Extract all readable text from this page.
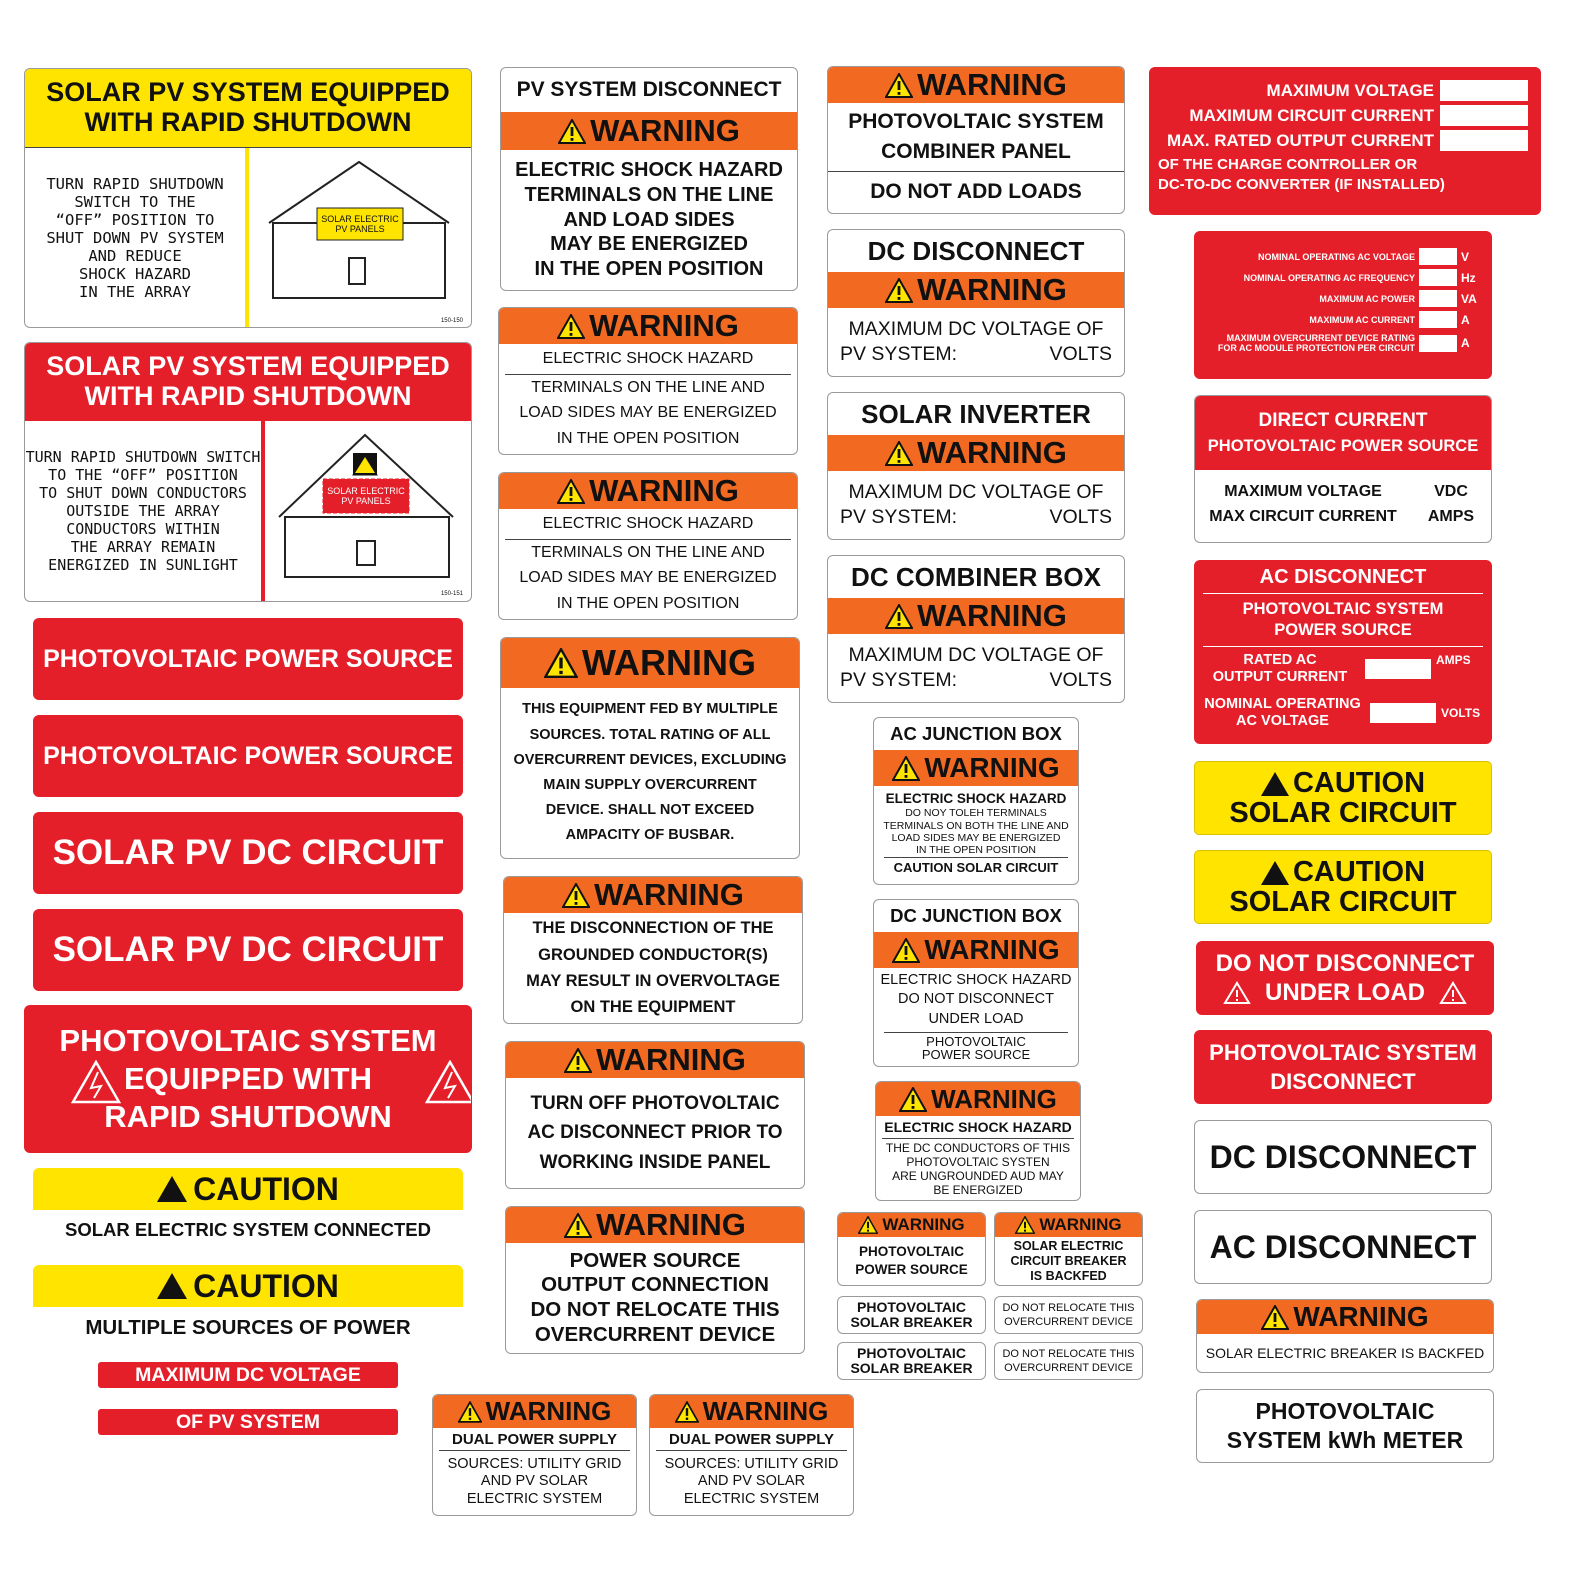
SOLAR PV SYSTEM EQUIPPED
WITH RAPID SHUTDOWN
TURN RAPID SHUTDOWN
SWITCH TO THE
“OFF” POSITION TO
SHUT DOWN PV SYSTEM
AND REDUCE
SHOCK HAZARD
IN THE ARRAY
SOLAR ELECTRIC
PV PANELS
150-150
SOLAR PV SYSTEM EQUIPPED
WITH RAPID SHUTDOWN
TURN RAPID SHUTDOWN SWITCH
TO THE “OFF” POSITION
TO SHUT DOWN CONDUCTORS
OUTSIDE THE ARRAY
CONDUCTORS WITHIN
THE ARRAY REMAIN
ENERGIZED IN SUNLIGHT
SOLAR ELECTRIC
PV PANELS
150-151
PHOTOVOLTAIC POWER SOURCE
PHOTOVOLTAIC POWER SOURCE
SOLAR PV DC CIRCUIT
SOLAR PV DC CIRCUIT
PHOTOVOLTAIC SYSTEM
EQUIPPED WITH
RAPID SHUTDOWN
CAUTION
SOLAR ELECTRIC SYSTEM CONNECTED
CAUTION
MULTIPLE SOURCES OF POWER
MAXIMUM DC VOLTAGE
OF PV SYSTEM
PV SYSTEM DISCONNECT
WARNING
ELECTRIC SHOCK HAZARD
TERMINALS ON THE LINE
AND LOAD SIDES
MAY BE ENERGIZED
IN THE OPEN POSITION
WARNING
ELECTRIC SHOCK HAZARD
TERMINALS ON THE LINE AND
LOAD SIDES MAY BE ENERGIZED
IN THE OPEN POSITION
WARNING
ELECTRIC SHOCK HAZARD
TERMINALS ON THE LINE AND
LOAD SIDES MAY BE ENERGIZED
IN THE OPEN POSITION
WARNING
THIS EQUIPMENT FED BY MULTIPLE
SOURCES. TOTAL RATING OF ALL
OVERCURRENT DEVICES, EXCLUDING
MAIN SUPPLY OVERCURRENT
DEVICE. SHALL NOT EXCEED
AMPACITY OF BUSBAR.
WARNING
THE DISCONNECTION OF THE
GROUNDED CONDUCTOR(S)
MAY RESULT IN OVERVOLTAGE
ON THE EQUIPMENT
WARNING
TURN OFF PHOTOVOLTAIC
AC DISCONNECT PRIOR TO
WORKING INSIDE PANEL
WARNING
POWER SOURCE
OUTPUT CONNECTION
DO NOT RELOCATE THIS
OVERCURRENT DEVICE
WARNING
DUAL POWER SUPPLY
SOURCES: UTILITY GRID
AND PV SOLAR
ELECTRIC SYSTEM
WARNING
DUAL POWER SUPPLY
SOURCES: UTILITY GRID
AND PV SOLAR
ELECTRIC SYSTEM
WARNING
PHOTOVOLTAIC SYSTEM
COMBINER PANEL
DO NOT ADD LOADS
DC DISCONNECT
WARNING
MAXIMUM DC VOLTAGE OF
PV SYSTEM:	VOLTS
SOLAR INVERTER
WARNING
MAXIMUM DC VOLTAGE OF
PV SYSTEM:	VOLTS
DC COMBINER BOX
WARNING
MAXIMUM DC VOLTAGE OF
PV SYSTEM:	VOLTS
AC JUNCTION BOX
WARNING
ELECTRIC SHOCK HAZARD
DO NOY TOLEH TERMINALS
TERMINALS ON BOTH THE LINE AND
LOAD SIDES MAY BE ENERGIZED
IN THE OPEN POSITION
CAUTION SOLAR CIRCUIT
DC JUNCTION BOX
WARNING
ELECTRIC SHOCK HAZARD
DO NOT DISCONNECT
UNDER LOAD
PHOTOVOLTAIC
POWER SOURCE
WARNING
ELECTRIC SHOCK HAZARD
THE DC CONDUCTORS OF THIS
PHOTOVOLTAIC SYSTEN
ARE UNGROUNDED AUD MAY
BE ENERGIZED
WARNING
PHOTOVOLTAIC
POWER SOURCE
WARNING
SOLAR ELECTRIC
CIRCUIT BREAKER
IS BACKFED
PHOTOVOLTAIC
SOLAR BREAKER
DO NOT RELOCATE THIS
OVERCURRENT DEVICE
PHOTOVOLTAIC
SOLAR BREAKER
DO NOT RELOCATE THIS
OVERCURRENT DEVICE
MAXIMUM VOLTAGE
MAXIMUM CIRCUIT CURRENT
MAX. RATED OUTPUT CURRENT
OF THE CHARGE CONTROLLER OR
DC-TO-DC CONVERTER (IF INSTALLED)
NOMINAL OPERATING AC VOLTAGE	V
NOMINAL OPERATING AC FREQUENCY	Hz
MAXIMUM AC POWER	VA
MAXIMUM AC CURRENT	A
MAXIMUM OVERCURRENT DEVICE RATING
FOR AC MODULE PROTECTION PER CIRCUIT	A
DIRECT CURRENT
PHOTOVOLTAIC POWER SOURCE
MAXIMUM VOLTAGE	VDC
MAX CIRCUIT CURRENT	AMPS
AC DISCONNECT
PHOTOVOLTAIC SYSTEM
POWER SOURCE
RATED AC
OUTPUT CURRENT
AMPS
NOMINAL OPERATING
AC VOLTAGE	VOLTS
CAUTION
SOLAR CIRCUIT
CAUTION
SOLAR CIRCUIT
DO NOT DISCONNECT
UNDER LOAD
PHOTOVOLTAIC SYSTEM
DISCONNECT
DC DISCONNECT
AC DISCONNECT
WARNING
SOLAR ELECTRIC BREAKER IS BACKFED
PHOTOVOLTAIC
SYSTEM kWh METER
